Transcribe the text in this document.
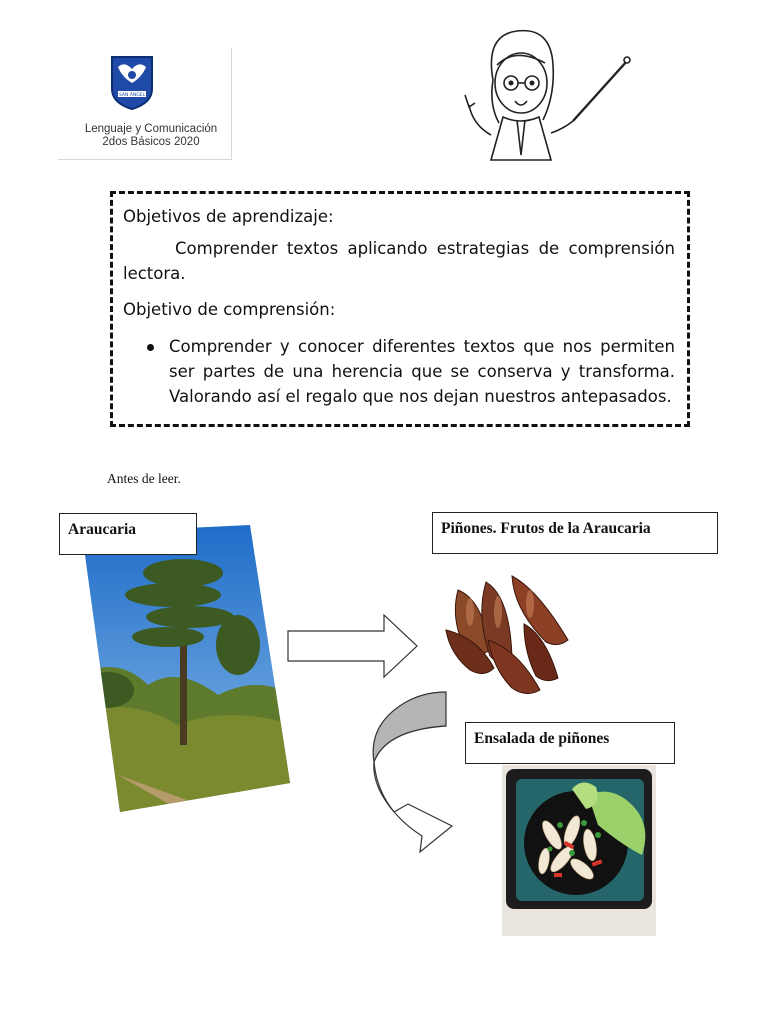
SAN ÁNGEL
Lenguaje y Comunicación
2dos Básicos 2020

Objetivos de aprendizaje:

Comprender textos aplicando estrategias de comprensión lectora.

Objetivo de comprensión:

Comprender y conocer diferentes textos que nos permiten ser partes de una herencia que se conserva y transforma. Valorando así el regalo que nos dejan nuestros antepasados.

Antes de leer.
Araucaria	Piñones. Frutos de la Araucaria
Ensalada de piñones
